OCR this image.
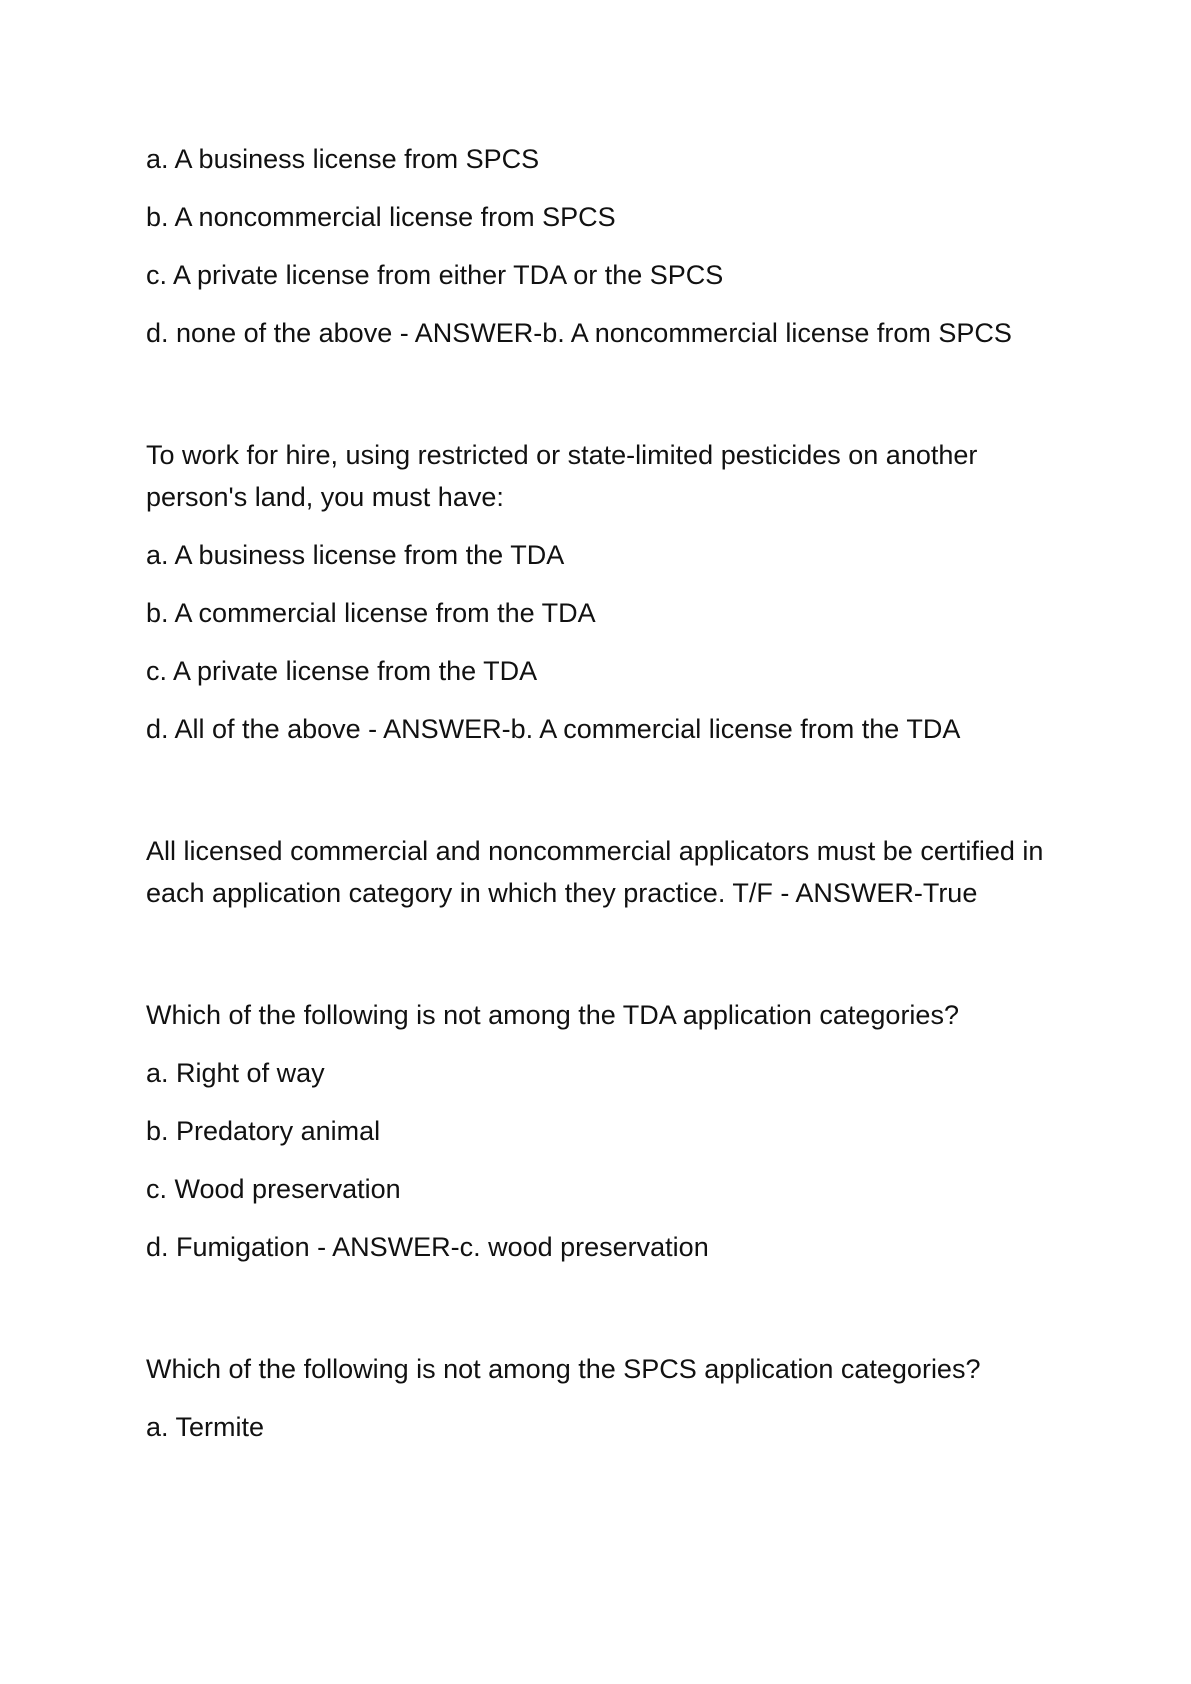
a. A business license from SPCS

b. A noncommercial license from SPCS

c. A private license from either TDA or the SPCS

d. none of the above - ANSWER-b. A noncommercial license from SPCS

To work for hire, using restricted or state-limited pesticides on another person's land, you must have:

a. A business license from the TDA

b. A commercial license from the TDA

c. A private license from the TDA

d. All of the above - ANSWER-b. A commercial license from the TDA

All licensed commercial and noncommercial applicators must be certified in each application category in which they practice. T/F - ANSWER-True

Which of the following is not among the TDA application categories?

a. Right of way

b. Predatory animal

c. Wood preservation

d. Fumigation - ANSWER-c. wood preservation

Which of the following is not among the SPCS application categories?

a. Termite
